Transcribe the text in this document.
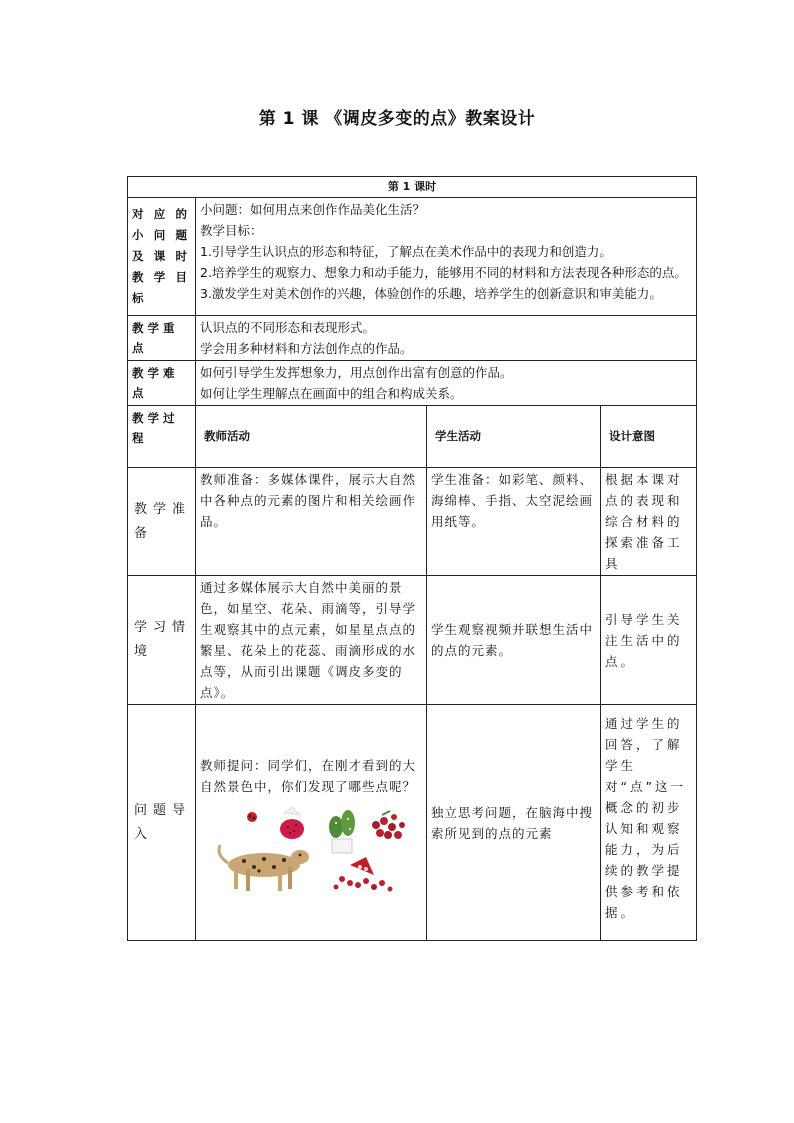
第 1 课 《调皮多变的点》教案设计
第 1 课时			
对应的小问题及课时教学目标	小问题：如何用点来创作作品美化生活？

教学目标：

1.引导学生认识点的形态和特征，了解点在美术作品中的表现力和创造力。

2.培养学生的观察力、想象力和动手能力，能够用不同的材料和方法表现各种形态的点。

3.激发学生对美术创作的兴趣，体验创作的乐趣，培养学生的创新意识和审美能力。		

教学重点	认识点的不同形态和表现形式。

学会用多种材料和方法创作点的作品。		

教学难点	如何引导学生发挥想象力，用点创作出富有创意的作品。

如何让学生理解点在画面中的组合和构成关系。		

教学过程	教师活动	学生活动	设计意图
教学准备	教师准备：多媒体课件，展示大自然中各种点的元素的图片和相关绘画作品。	学生准备：如彩笔、颜料、海绵棒、手指、太空泥绘画用纸等。	根据本课对点的表现和综合材料的探索准备工具
学习情境	通过多媒体展示大自然中美丽的景色，如星空、花朵、雨滴等，引导学生观察其中的点元素，如星星点点的繁星、花朵上的花蕊、雨滴形成的水点等，从而引出课题《调皮多变的点》。	学生观察视频并联想生活中的点的元素。	引导学生关注生活中的点。
问题导入	教师提问：同学们，在刚才看到的大自然景色中，你们发现了哪些点呢？	独立思考问题，在脑海中搜索所见到的点的元素	通过学生的回答，了解学生对“点”这一概念的初步认知和观察能力，为后续的教学提供参考和依据。
